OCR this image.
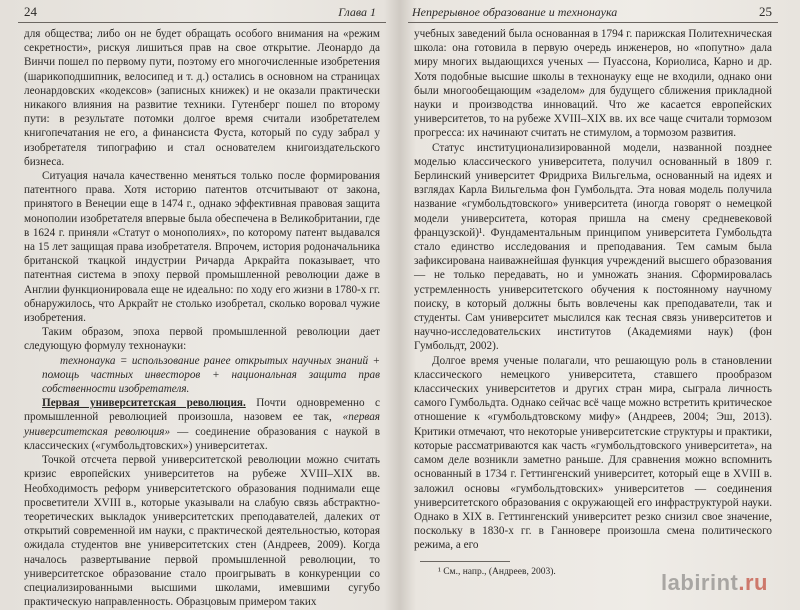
24	Глава 1

для общества; либо он не будет обращать особого внимания на «режим секретности», рискуя лишиться прав на свое открытие. Леонардо да Винчи пошел по первому пути, поэтому его многочисленные изобретения (шарикоподшипник, велосипед и т. д.) остались в основном на страницах леонардовских «кодексов» (записных книжек) и не оказали практически никакого влияния на развитие техники. Гутенберг пошел по второму пути: в результате потомки долгое время считали изобретателем книгопечатания не его, а финансиста Фуста, который по суду забрал у изобретателя типографию и стал основателем книгоиздательского бизнеса.

Ситуация начала качественно меняться только после формирования патентного права. Хотя историю патентов отсчитывают от закона, принятого в Венеции еще в 1474 г., однако эффективная правовая защита монополии изобретателя впервые была обеспечена в Великобритании, где в 1624 г. приняли «Статут о монополиях», по которому патент выдавался на 15 лет защищая права изобретателя. Впрочем, история родоначальника британской ткацкой индустрии Ричарда Аркрайта показывает, что патентная система в эпоху первой промышленной революции даже в Англии функционировала еще не идеально: по ходу его жизни в 1780-х гг. обнаружилось, что Аркрайт не столько изобретал, сколько воровал чужие изобретения.

Таким образом, эпоха первой промышленной революции дает следующую формулу технонауки:

технонаука = использование ранее открытых научных знаний + помощь частных инвесторов + национальная защита прав собственности изобретателя.

Первая университетская революция. Почти одновременно с промышленной революцией произошла, назовем ее так, «первая университетская революция» — соединение образования с наукой в классических («гумбольдтовских») университетах.

Точкой отсчета первой университетской революции можно считать кризис европейских университетов на рубеже XVIII–XIX вв. Необходимость реформ университетского образования поднимали еще просветители XVIII в., которые указывали на слабую связь абстрактно-теоретических выкладок университетских преподавателей, далеких от открытий современной им науки, с практической деятельностью, которая ожидала студентов вне университетских стен (Андреев, 2009). Когда началось развертывание первой промышленной революции, то университетское образование стало проигрывать в конкуренции со специализированными высшими школами, имевшими сугубо практическую направленность. Образцовым примером таких

Непрерывное образование и технонаука	25

учебных заведений была основанная в 1794 г. парижская Политехническая школа: она готовила в первую очередь инженеров, но «попутно» дала миру многих выдающихся ученых — Пуассона, Кориолиса, Карно и др. Хотя подобные высшие школы в технонауку еще не входили, однако они были многообещающим «заделом» для будущего сближения прикладной науки и производства инноваций. Что же касается европейских университетов, то на рубеже XVIII–XIX вв. их все чаще считали тормозом прогресса: их начинают считать не стимулом, а тормозом развития.

Статус институционализированной модели, названной позднее моделью классического университета, получил основанный в 1809 г. Берлинский университет Фридриха Вильгельма, основанный на идеях и взглядах Карла Вильгельма фон Гумбольдта. Эта новая модель получила название «гумбольдтовского» университета (иногда говорят о немецкой модели университета, которая пришла на смену средневековой французской)¹. Фундаментальным принципом университета Гумбольдта стало единство исследования и преподавания. Тем самым была зафиксирована наиважнейшая функция учреждений высшего образования — не только передавать, но и умножать знания. Сформировалась устремленность университетского обучения к постоянному научному поиску, в который должны быть вовлечены как преподаватели, так и студенты. Сам университет мыслился как тесная связь университетов и научно-исследовательских институтов (Академиями наук) (фон Гумбольдт, 2002).

Долгое время ученые полагали, что решающую роль в становлении классического немецкого университета, ставшего прообразом классических университетов и других стран мира, сыграла личность самого Гумбольдта. Однако сейчас всё чаще можно встретить критическое отношение к «гумбольдтовскому мифу» (Андреев, 2004; Эш, 2013). Критики отмечают, что некоторые университетские структуры и практики, которые рассматриваются как часть «гумбольдтовского университета», на самом деле возникли заметно раньше. Для сравнения можно вспомнить основанный в 1734 г. Геттингенский университет, который еще в XVIII в. заложил основы «гумбольдтовских» университетов — соединения университетского образования с окружающей его инфраструктурой науки. Однако в XIX в. Геттингенский университет резко снизил свое значение, поскольку в 1830-х гг. в Ганновере произошла смена политического режима, а его

¹ См., напр., (Андреев, 2003).	labirint.ru
